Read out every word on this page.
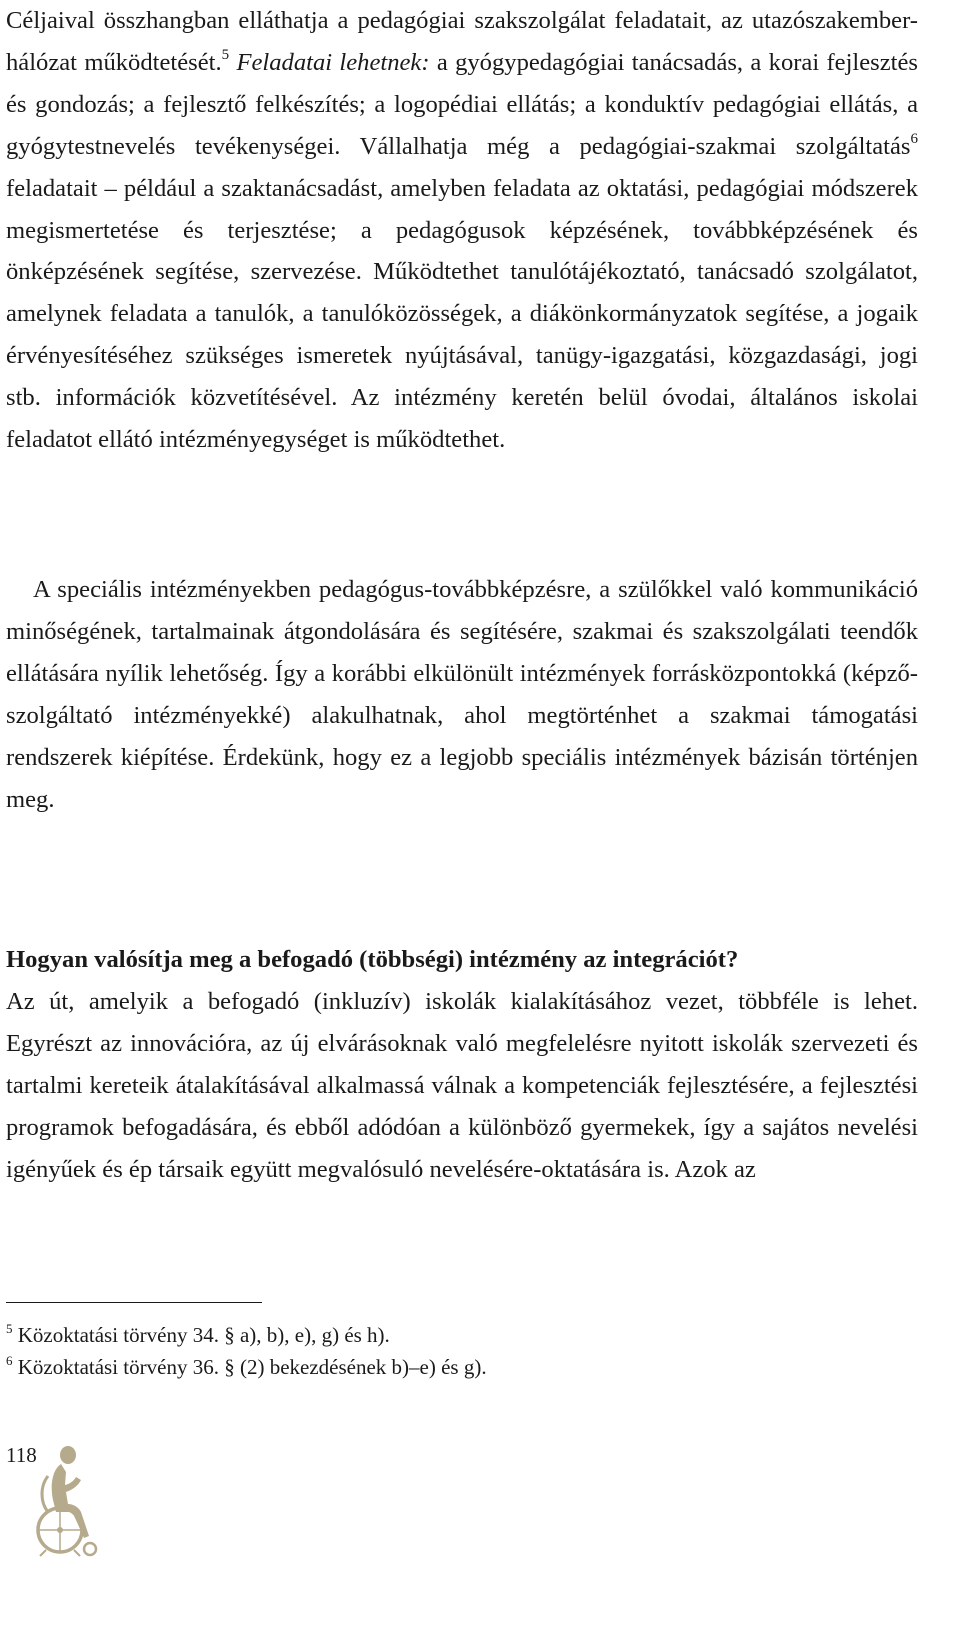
Céljaival összhangban elláthatja a pedagógiai szakszolgálat feladatait, az utazószakember-hálózat működtetését.$^5$ Feladatai lehetnek: a gyógypedagógiai tanácsadás, a korai fejlesztés és gondozás; a fejlesztő felkészítés; a logopédiai ellátás; a konduktív pedagógiai ellátás, a gyógytestnevelés tevékenységei. Vállalhatja még a pedagógiai-szakmai szolgáltatás$^6$ feladatait – például a szaktanácsadást, amelyben feladata az oktatási, pedagógiai módszerek megismertetése és terjesztése; a pedagógusok képzésének, továbbképzésének és önképzésének segítése, szervezése. Működtethet tanulótájékoztató, tanácsadó szolgálatot, amelynek feladata a tanulók, a tanulóközösségek, a diákönkormányzatok segítése, a jogaik érvényesítéséhez szükséges ismeretek nyújtásával, tanügy-igazgatási, közgazdasági, jogi stb. információk közvetítésével. Az intézmény keretén belül óvodai, általános iskolai feladatot ellátó intézményegységet is működtethet.

A speciális intézményekben pedagógus-továbbképzésre, a szülőkkel való kommunikáció minőségének, tartalmainak átgondolására és segítésére, szakmai és szakszolgálati teendők ellátására nyílik lehetőség. Így a korábbi elkülönült intézmények forrásközpontokká (képző-szolgáltató intézményekké) alakulhatnak, ahol megtörténhet a szakmai támogatási rendszerek kiépítése. Érdekünk, hogy ez a legjobb speciális intézmények bázisán történjen meg.

Hogyan valósítja meg a befogadó (többségi) intézmény az integrációt?

Az út, amelyik a befogadó (inkluzív) iskolák kialakításához vezet, többféle is lehet. Egyrészt az innovációra, az új elvárásoknak való megfelelésre nyitott iskolák szervezeti és tartalmi kereteik átalakításával alkalmassá válnak a kompetenciák fejlesztésére, a fejlesztési programok befogadására, és ebből adódóan a különböző gyermekek, így a sajátos nevelési igényűek és ép társaik együtt megvalósuló nevelésére-oktatására is. Azok az

$^5$ Közoktatási törvény 34. § a), b), e), g) és h).
$^6$ Közoktatási törvény 36. § (2) bekezdésének b)–e) és g).
118
